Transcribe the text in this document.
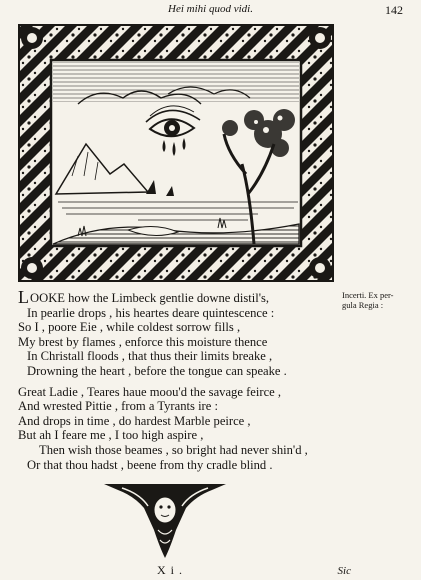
Hei mihi quod vidi.	142
Incerti. Ex per-
gula Regia :
LOOKE how the Limbeck gentlie downe distil's,
In pearlie drops , his heartes deare quintescence :
So I , poore Eie , while coldest sorrow fills ,
My brest by flames , enforce this moisture thence
In Christall floods , that thus their limits breake ,
Drowning the heart , before the tongue can speake .
Great Ladie , Teares haue moou'd the savage feirce ,
And wrested Pittie , from a Tyrants ire :
And drops in time , do hardest Marble peirce ,
But ah I feare me , I too high aspire ,
Then wish those beames , so bright had never shin'd ,
Or that thou hadst , beene from thy cradle blind .
X i .	Sic
